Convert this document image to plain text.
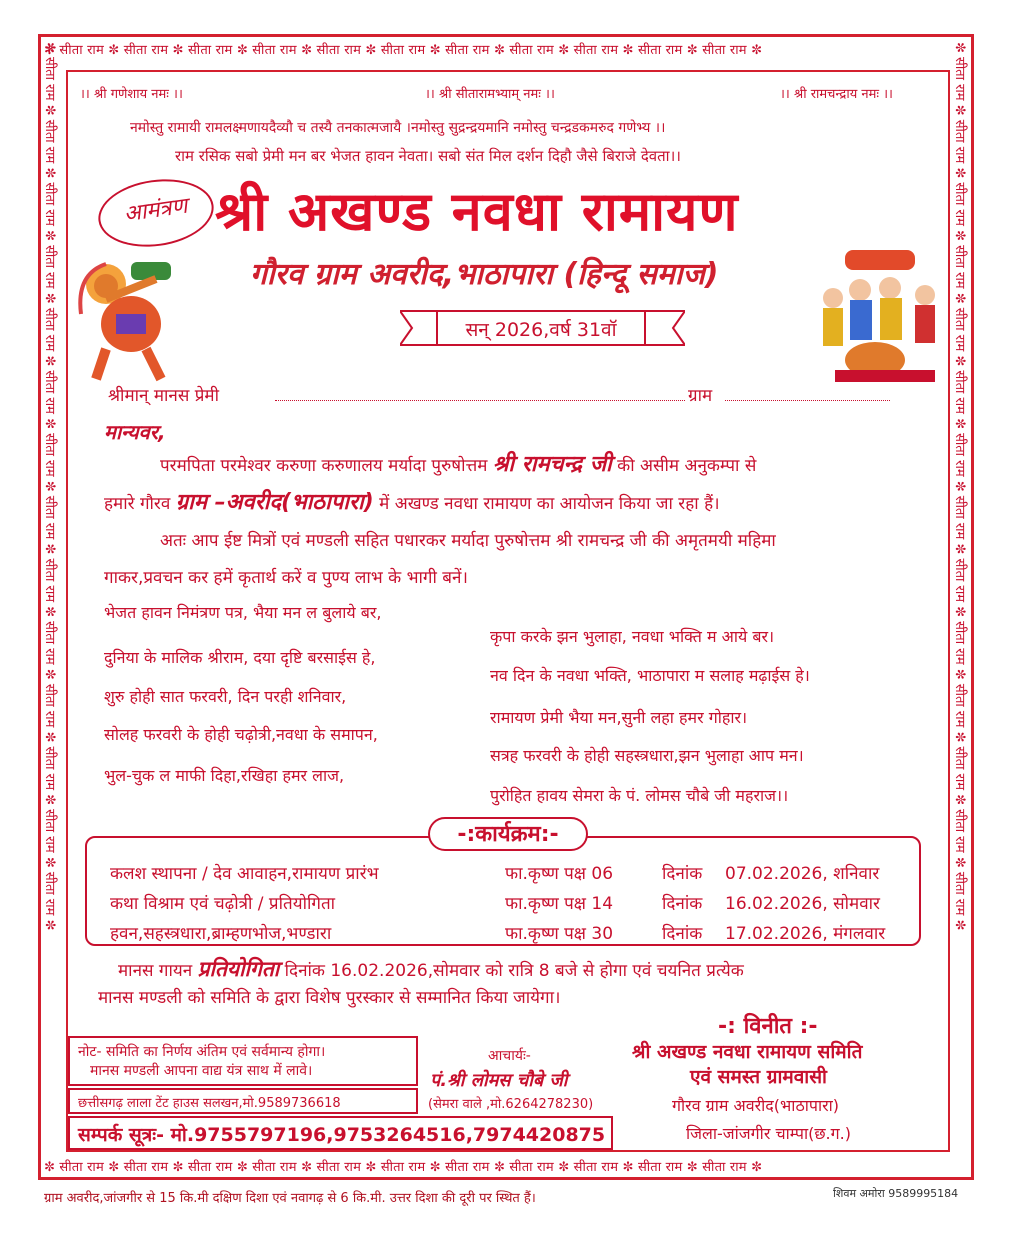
✼ सीता राम ✼ सीता राम ✼ सीता राम ✼ सीता राम ✼ सीता राम ✼ सीता राम ✼ सीता राम ✼ सीता राम ✼ सीता राम ✼ सीता राम ✼ सीता राम ✼
✼ सीता राम ✼ सीता राम ✼ सीता राम ✼ सीता राम ✼ सीता राम ✼ सीता राम ✼ सीता राम ✼ सीता राम ✼ सीता राम ✼ सीता राम ✼ सीता राम ✼
✼ सीता राम ✼ सीता राम ✼ सीता राम ✼ सीता राम ✼ सीता राम ✼ सीता राम ✼ सीता राम ✼ सीता राम ✼ सीता राम ✼ सीता राम ✼ सीता राम ✼ सीता राम ✼ सीता राम ✼ सीता राम ✼	✼ सीता राम ✼ सीता राम ✼ सीता राम ✼ सीता राम ✼ सीता राम ✼ सीता राम ✼ सीता राम ✼ सीता राम ✼ सीता राम ✼ सीता राम ✼ सीता राम ✼ सीता राम ✼ सीता राम ✼ सीता राम ✼
।। श्री गणेशाय नमः ।।	।। श्री सीतारामभ्याम् नमः ।।	।। श्री रामचन्द्राय नमः ।।
नमोस्तु रामायी रामलक्ष्मणायदैव्यौ च तस्यै तनकात्मजायै ।नमोस्तु सुद्रन्द्रयमानि नमोस्तु चन्द्रडकमरुद गणेभ्य ।।
राम रसिक सबो प्रेमी मन बर भेजत हावन नेवता। सबो संत मिल दर्शन दिहौ जैसे बिराजे देवता।।
आमंत्रण श्री अखण्ड नवधा रामायण
गौरव ग्राम अवरीद,भाठापारा (हिन्दू समाज)
सन् 2026,वर्ष 31वॉ
श्रीमान् मानस प्रेमी	ग्राम
मान्यवर,
परमपिता परमेश्वर करुणा करुणालय मर्यादा पुरुषोत्तम श्री रामचन्द्र जी की असीम अनुकम्पा से
हमारे गौरव ग्राम –अवरीद(भाठापारा) में अखण्ड नवधा रामायण का आयोजन किया जा रहा हैं।
अतः आप ईष्ट मित्रों एवं मण्डली सहित पधारकर मर्यादा पुरुषोत्तम श्री रामचन्द्र जी की अमृतमयी महिमा
गाकर,प्रवचन कर हमें कृतार्थ करें व पुण्य लाभ के भागी बनें।
भेजत हावन निमंत्रण पत्र, भैया मन ल बुलाये बर,
दुनिया के मालिक श्रीराम, दया दृष्टि बरसाईस हे,
शुरु होही सात फरवरी, दिन परही शनिवार,
सोलह फरवरी के होही चढ़ोत्री,नवधा के समापन,
भुल-चुक ल माफी दिहा,रखिहा हमर लाज,
कृपा करके झन भुलाहा, नवधा भक्ति म आये बर।
नव दिन के नवधा भक्ति, भाठापारा म सलाह मढ़ाईस हे।
रामायण प्रेमी भैया मन,सुनी लहा हमर गोहार।
सत्रह फरवरी के होही सहस्त्रधारा,झन भुलाहा आप मन।
पुरोहित हावय सेमरा के पं. लोमस चौबे जी महराज।।
-:कार्यक्रम:-
कलश स्थापना / देव आवाहन,रामायण प्रारंभ	फा.कृष्ण पक्ष 06	दिनांक 07.02.2026, शनिवार
कथा विश्राम एवं चढ़ोत्री / प्रतियोगिता	फा.कृष्ण पक्ष 14	दिनांक 16.02.2026, सोमवार
हवन,सहस्त्रधारा,ब्राम्हणभोज,भण्डारा	फा.कृष्ण पक्ष 30	दिनांक 17.02.2026, मंगलवार
मानस गायन प्रतियोगिता दिनांक 16.02.2026,सोमवार को रात्रि 8 बजे से होगा एवं चयनित प्रत्येक
मानस मण्डली को समिति के द्वारा विशेष पुरस्कार से सम्मानित किया जायेगा।
-: विनीत :-
श्री अखण्ड नवधा रामायण समिति
एवं समस्त ग्रामवासी
गौरव ग्राम अवरीद(भाठापारा)
जिला-जांजगीर चाम्पा(छ.ग.)
आचार्यः-
पं.श्री लोमस चौबे जी
(सेमरा वाले ,मो.6264278230)
नोट- समिति का निर्णय अंतिम एवं सर्वमान्य होगा।
मानस मण्डली आपना वाद्य यंत्र साथ में लावे।
छत्तीसगढ़ लाला टेंट हाउस सलखन,मो.9589736618
सम्पर्क सूत्रः- मो.9755797196,9753264516,7974420875
ग्राम अवरीद,जांजगीर से 15 कि.मी दक्षिण दिशा एवं नवागढ़ से 6 कि.मी. उत्तर दिशा की दूरी पर स्थित हैं।	शिवम अमोरा 9589995184
